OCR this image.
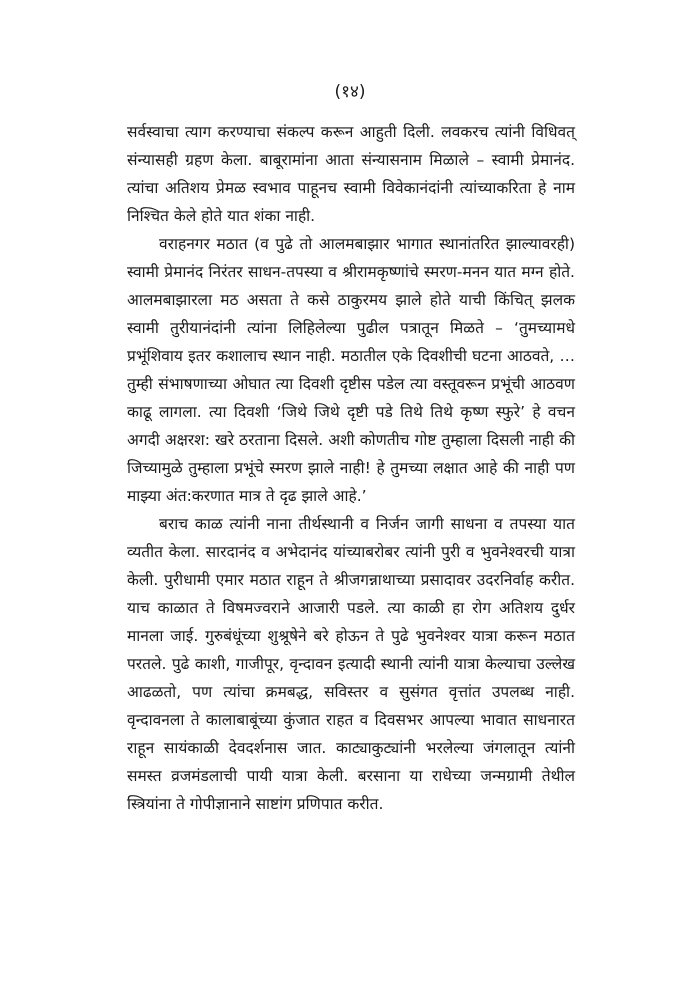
(१४)

सर्वस्वाचा त्याग करण्याचा संकल्प करून आहुती दिली. लवकरच त्यांनी विधिवत् संन्यासही ग्रहण केला. बाबूरामांना आता संन्यासनाम मिळाले – स्वामी प्रेमानंद. त्यांचा अतिशय प्रेमळ स्वभाव पाहूनच स्वामी विवेकानंदांनी त्यांच्याकरिता हे नाम निश्चित केले होते यात शंका नाही.

वराहनगर मठात (व पुढे तो आलमबाझार भागात स्थानांतरित झाल्यावरही) स्वामी प्रेमानंद निरंतर साधन-तपस्या व श्रीरामकृष्णांचे स्मरण-मनन यात मग्न होते. आलमबाझारला मठ असता ते कसे ठाकुरमय झाले होते याची किंचित् झलक स्वामी तुरीयानंदांनी त्यांना लिहिलेल्या पुढील पत्रातून मिळते – ‘तुमच्यामधे प्रभूंशिवाय इतर कशालाच स्थान नाही. मठातील एके दिवशीची घटना आठवते, … तुम्ही संभाषणाच्या ओघात त्या दिवशी दृष्टीस पडेल त्या वस्तूवरून प्रभूंची आठवण काढू लागला. त्या दिवशी ‘जिथे जिथे दृष्टी पडे तिथे तिथे कृष्ण स्फुरे’ हे वचन अगदी अक्षरश: खरे ठरताना दिसले. अशी कोणतीच गोष्ट तुम्हाला दिसली नाही की जिच्यामुळे तुम्हाला प्रभूंचे स्मरण झाले नाही! हे तुमच्या लक्षात आहे की नाही पण माझ्या अंत:करणात मात्र ते दृढ झाले आहे.’

बराच काळ त्यांनी नाना तीर्थस्थानी व निर्जन जागी साधना व तपस्या यात व्यतीत केला. सारदानंद व अभेदानंद यांच्याबरोबर त्यांनी पुरी व भुवनेश्वरची यात्रा केली. पुरीधामी एमार मठात राहून ते श्रीजगन्नाथाच्या प्रसादावर उदरनिर्वाह करीत. याच काळात ते विषमज्वराने आजारी पडले. त्या काळी हा रोग अतिशय दुर्धर मानला जाई. गुरुबंधूंच्या शुश्रूषेने बरे होऊन ते पुढे भुवनेश्वर यात्रा करून मठात परतले. पुढे काशी, गाजीपूर, वृन्दावन इत्यादी स्थानी त्यांनी यात्रा केल्याचा उल्लेख आढळतो, पण त्यांचा क्रमबद्ध, सविस्तर व सुसंगत वृत्तांत उपलब्ध नाही. वृन्दावनला ते कालाबाबूंच्या कुंजात राहत व दिवसभर आपल्या भावात साधनारत राहून सायंकाळी देवदर्शनास जात. काट्याकुट्यांनी भरलेल्या जंगलातून त्यांनी समस्त व्रजमंडलाची पायी यात्रा केली. बरसाना या राधेच्या जन्मग्रामी तेथील स्त्रियांना ते गोपीज्ञानाने साष्टांग प्रणिपात करीत.
